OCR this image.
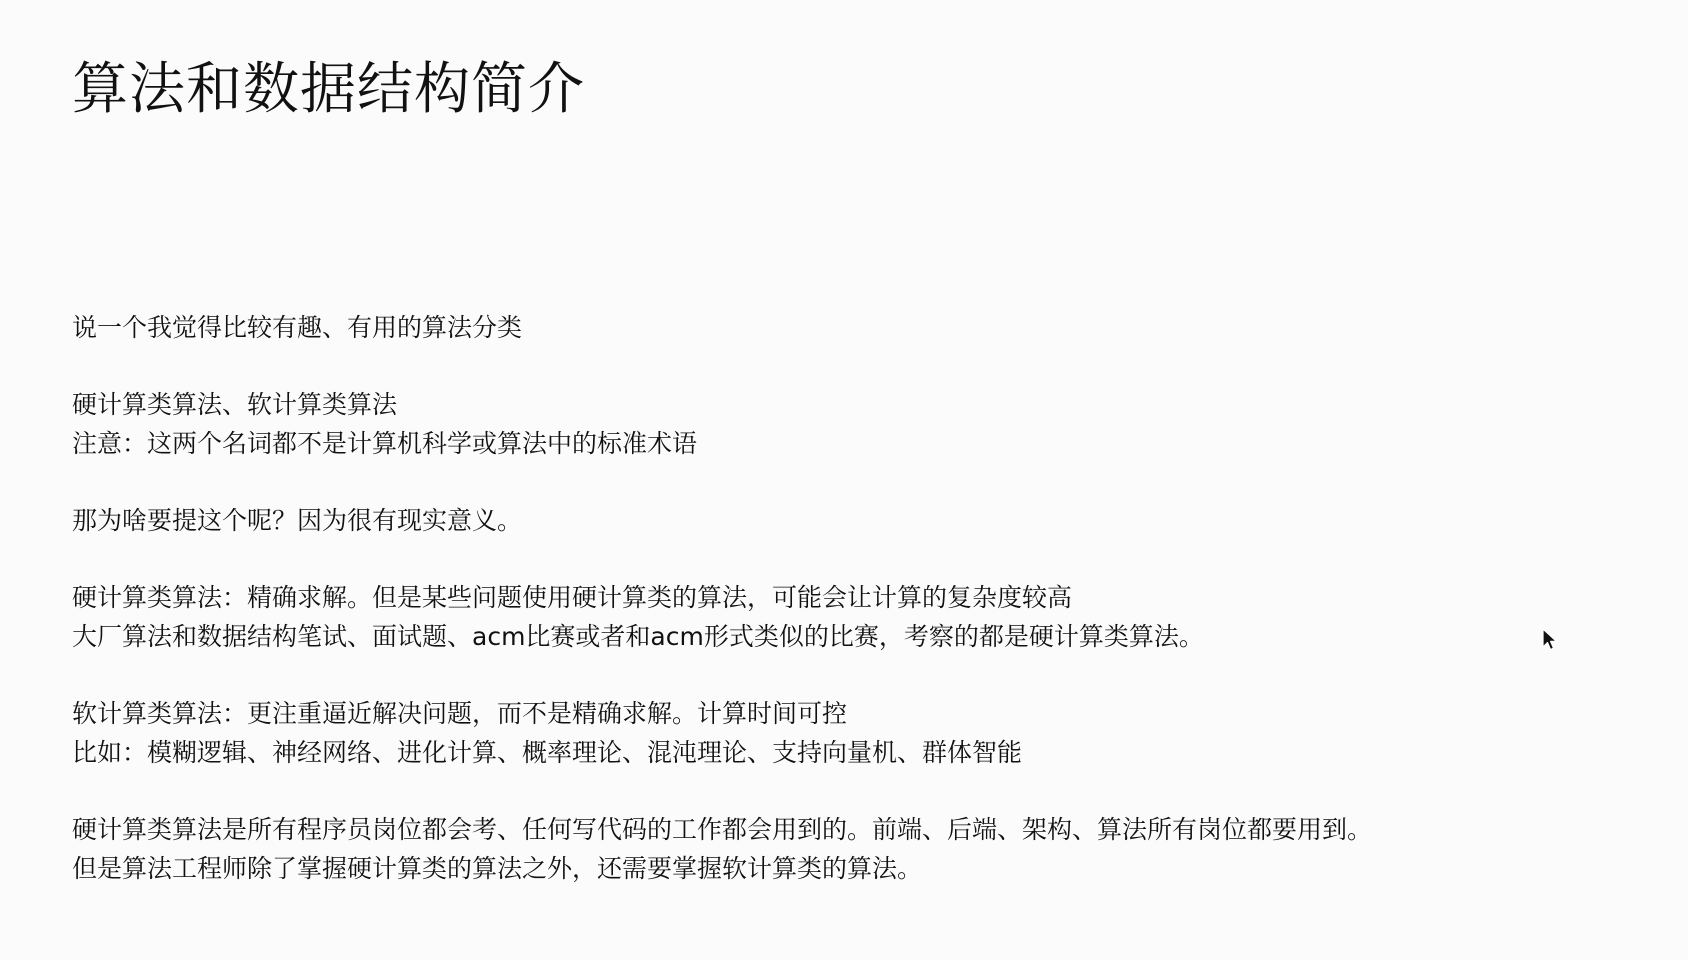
算法和数据结构简介
说一个我觉得比较有趣、有用的算法分类
硬计算类算法、软计算类算法
注意：这两个名词都不是计算机科学或算法中的标准术语
那为啥要提这个呢？因为很有现实意义。
硬计算类算法：精确求解。但是某些问题使用硬计算类的算法，可能会让计算的复杂度较高
大厂算法和数据结构笔试、面试题、acm比赛或者和acm形式类似的比赛，考察的都是硬计算类算法。
软计算类算法：更注重逼近解决问题，而不是精确求解。计算时间可控
比如：模糊逻辑、神经网络、进化计算、概率理论、混沌理论、支持向量机、群体智能
硬计算类算法是所有程序员岗位都会考、任何写代码的工作都会用到的。前端、后端、架构、算法所有岗位都要用到。
但是算法工程师除了掌握硬计算类的算法之外，还需要掌握软计算类的算法。
